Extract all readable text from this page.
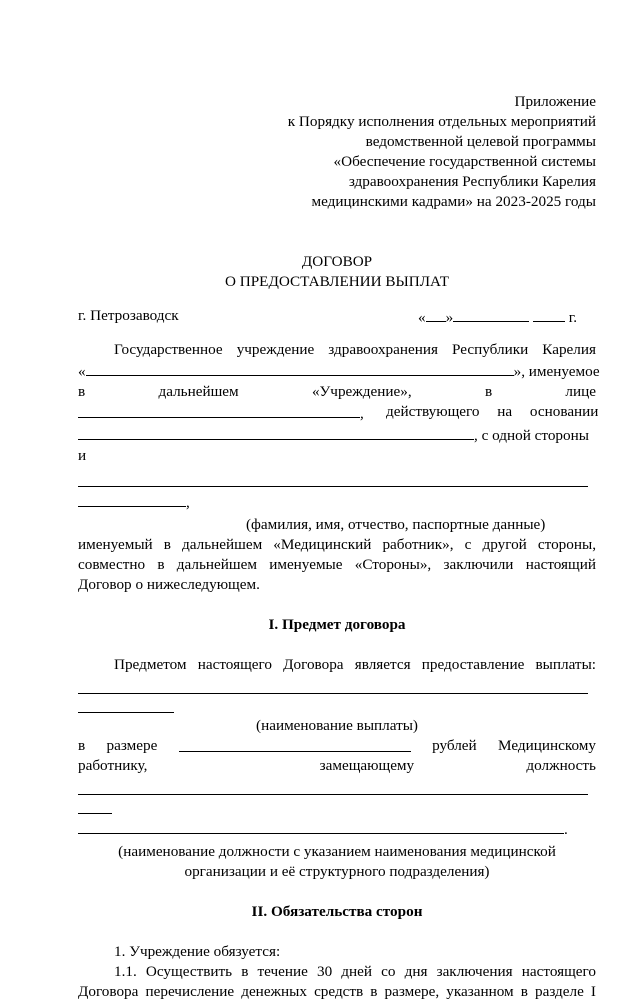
Приложение
к Порядку исполнения отдельных мероприятий
ведомственной целевой программы
«Обеспечение государственной системы
здравоохранения Республики Карелия
медицинскими кадрами» на 2023-2025 годы
ДОГОВОР
О ПРЕДОСТАВЛЕНИИ ВЫПЛАТ
г. Петрозаводск	« »	г.
Государственное учреждение здравоохранения Республики Карелия
«	», именуемое
в	дальнейшем	«Учреждение»,	в	лице
, действующего на основании
, с одной стороны
и
,
(фамилия, имя, отчество, паспортные данные)
именуемый в дальнейшем «Медицинский работник», с другой стороны,
совместно в дальнейшем именуемые «Стороны», заключили настоящий
Договор о нижеследующем.
I. Предмет договора
Предметом настоящего Договора является предоставление выплаты:
(наименование выплаты)
в размере	рублей Медицинскому
работнику,	замещающему	должность
.
(наименование должности с указанием наименования медицинской
организации и её структурного подразделения)
II. Обязательства сторон
1. Учреждение обязуется:
1.1. Осуществить в течение 30 дней со дня заключения настоящего
Договора перечисление денежных средств в размере, указанном в разделе I
